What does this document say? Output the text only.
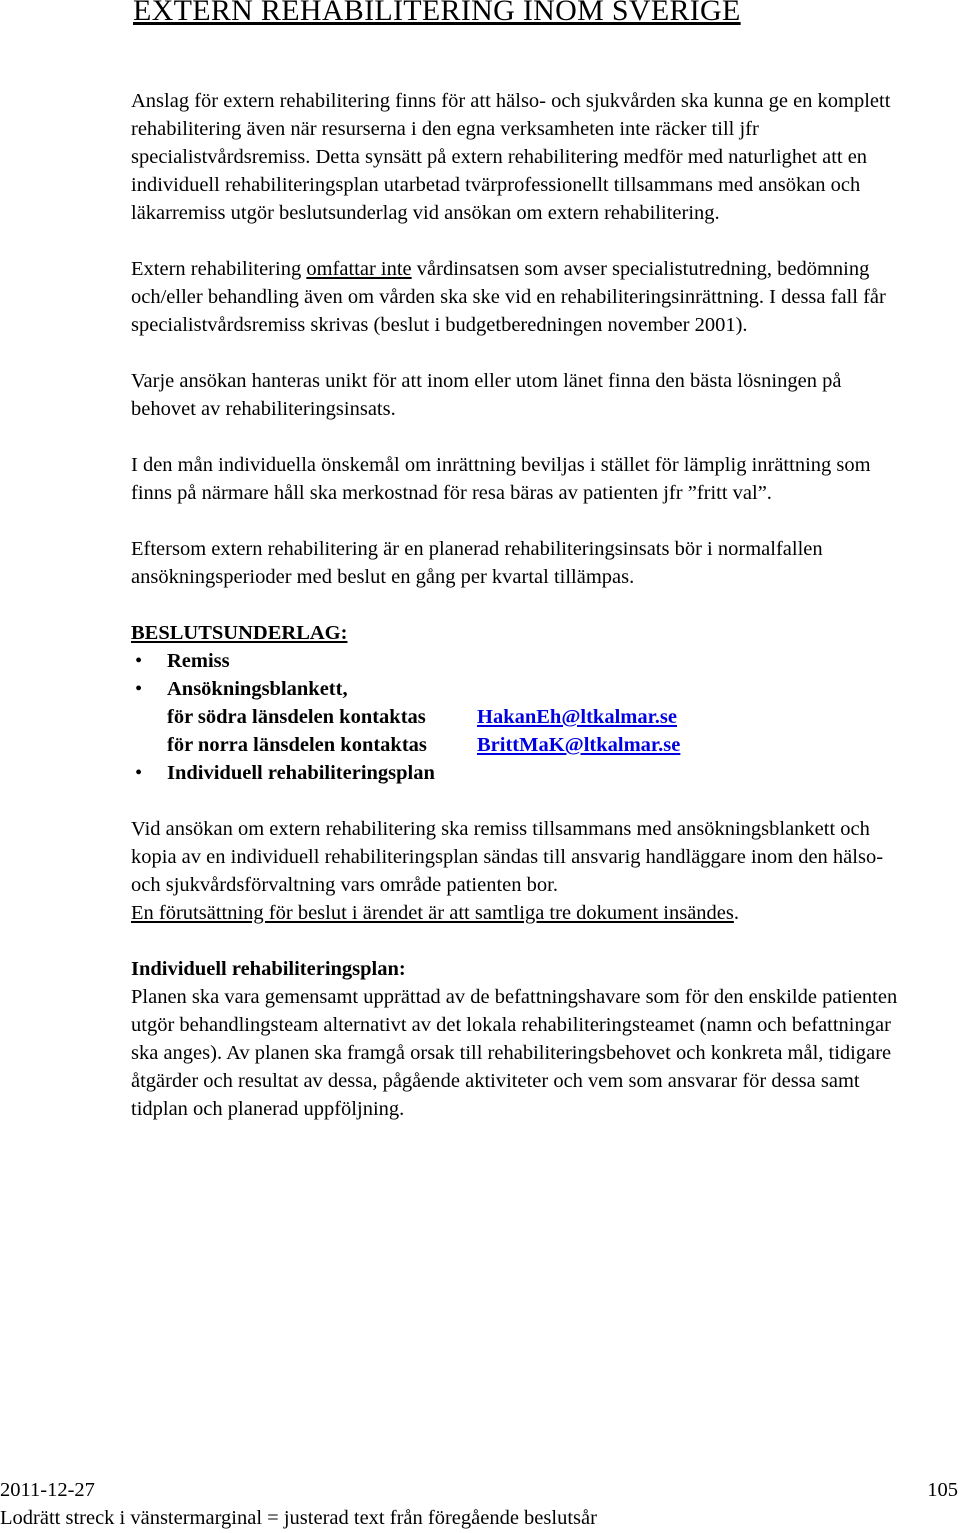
EXTERN REHABILITERING INOM SVERIGE

Anslag för extern rehabilitering finns för att hälso- och sjukvården ska kunna ge en komplett rehabilitering även när resurserna i den egna verksamheten inte räcker till jfr specialistvårdsremiss. Detta synsätt på extern rehabilitering medför med naturlighet att en individuell rehabiliteringsplan utarbetad tvärprofessionellt tillsammans med ansökan och läkarremiss utgör beslutsunderlag vid ansökan om extern rehabilitering.

Extern rehabilitering omfattar inte vårdinsatsen som avser specialistutredning, bedömning och/eller behandling även om vården ska ske vid en rehabiliteringsinrättning. I dessa fall får specialistvårdsremiss skrivas (beslut i budgetberedningen november 2001).

Varje ansökan hanteras unikt för att inom eller utom länet finna den bästa lösningen på behovet av rehabiliteringsinsats.

I den mån individuella önskemål om inrättning beviljas i stället för lämplig inrättning som finns på närmare håll ska merkostnad för resa bäras av patienten jfr ”fritt val”.

Eftersom extern rehabilitering är en planerad rehabiliteringsinsats bör i normalfallen ansökningsperioder med beslut en gång per kvartal tillämpas.

BESLUTSUNDERLAG:

• Remiss
• Ansökningsblankett,
för södra länsdelen kontaktas HakanEh@ltkalmar.se
för norra länsdelen kontaktas BrittMaK@ltkalmar.se
• Individuell rehabiliteringsplan

Vid ansökan om extern rehabilitering ska remiss tillsammans med ansökningsblankett och kopia av en individuell rehabiliteringsplan sändas till ansvarig handläggare inom den hälso- och sjukvårdsförvaltning vars område patienten bor.

En förutsättning för beslut i ärendet är att samtliga tre dokument insändes.

Individuell rehabiliteringsplan:

Planen ska vara gemensamt upprättad av de befattningshavare som för den enskilde patienten utgör behandlingsteam alternativt av det lokala rehabiliteringsteamet (namn och befattningar ska anges). Av planen ska framgå orsak till rehabiliteringsbehovet och konkreta mål, tidigare åtgärder och resultat av dessa, pågående aktiviteter och vem som ansvarar för dessa samt tidplan och planerad uppföljning.

2011-12-27	105
Lodrätt streck i vänstermarginal = justerad text från föregående beslutsår
